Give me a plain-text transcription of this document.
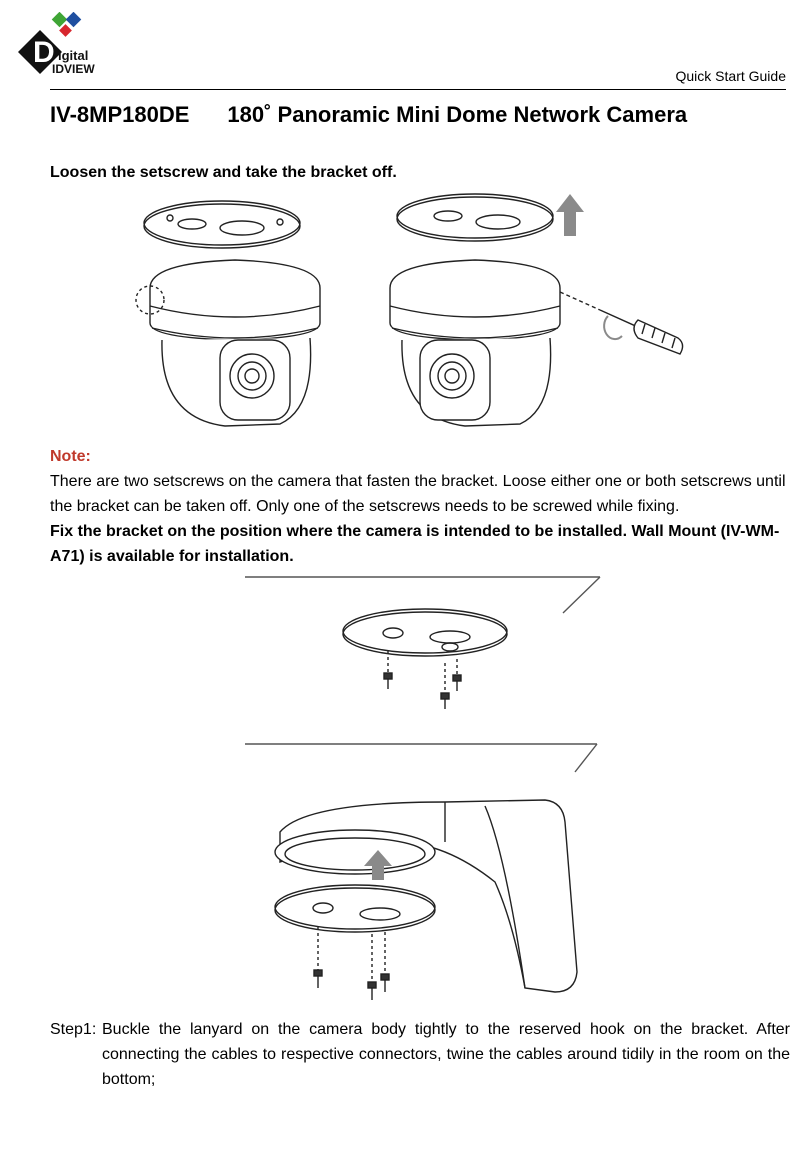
D igital
IDVIEW	Quick Start Guide
IV-8MP180DE 180˚ Panoramic Mini Dome Network Camera
Loosen the setscrew and take the bracket off.
Note:
There are two setscrews on the camera that fasten the bracket. Loose either one or both setscrews until the bracket can be taken off. Only one of the setscrews needs to be screwed while fixing.
Fix the bracket on the position where the camera is intended to be installed. Wall Mount (IV-WM-A71) is available for installation.
Step1: Buckle the lanyard on the camera body tightly to the reserved hook on the bracket. After connecting the cables to respective connectors, twine the cables around tidily in the room on the bottom;
